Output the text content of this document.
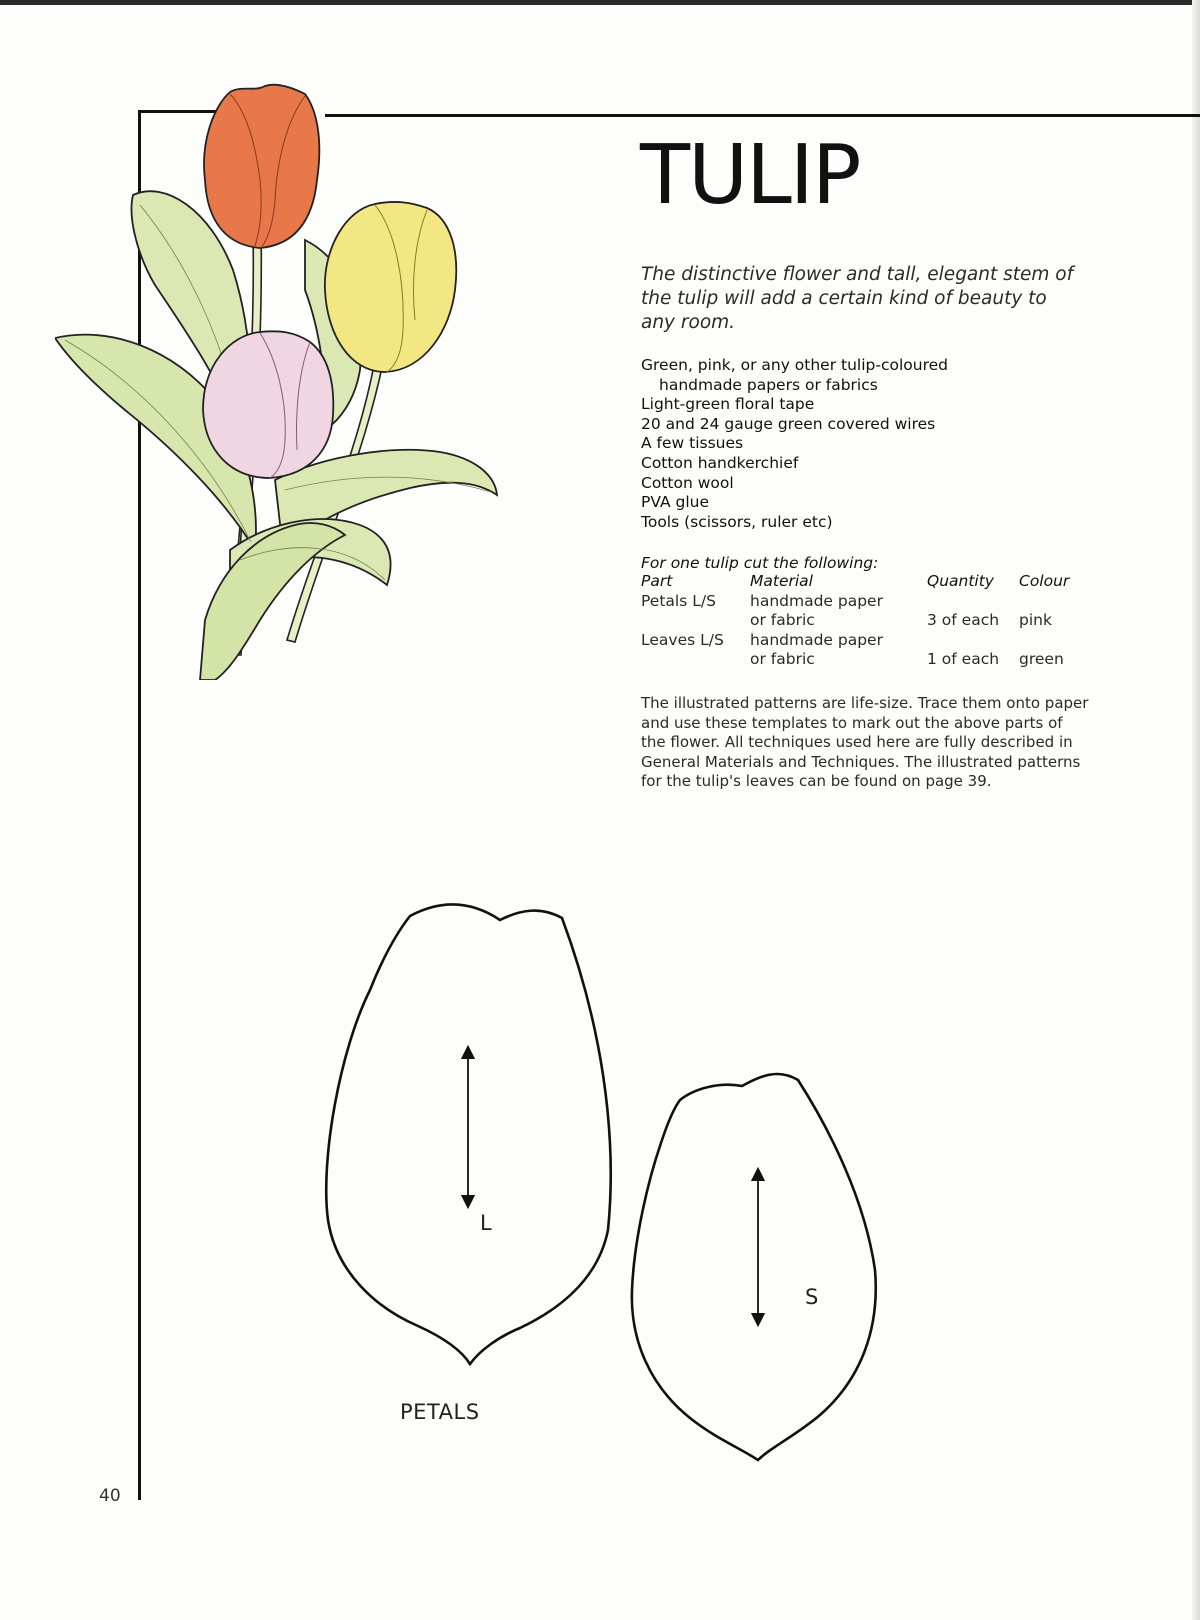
TULIP

The distinctive flower and tall, elegant stem of the tulip will add a certain kind of beauty to any room.

Green, pink, or any other tulip-coloured
handmade papers or fabrics
Light-green floral tape
20 and 24 gauge green covered wires
A few tissues
Cotton handkerchief
Cotton wool
PVA glue
Tools (scissors, ruler etc)

For one tulip cut the following:

Part	Material	Quantity	Colour
Petals L/S	handmade paper		
	or fabric	3 of each	pink
Leaves L/S	handmade paper		
	or fabric	1 of each	green

The illustrated patterns are life-size. Trace them onto paper and use these templates to mark out the above parts of the flower. All techniques used here are fully described in General Materials and Techniques. The illustrated patterns for the tulip's leaves can be found on page 39.

L
S

PETALS

40
